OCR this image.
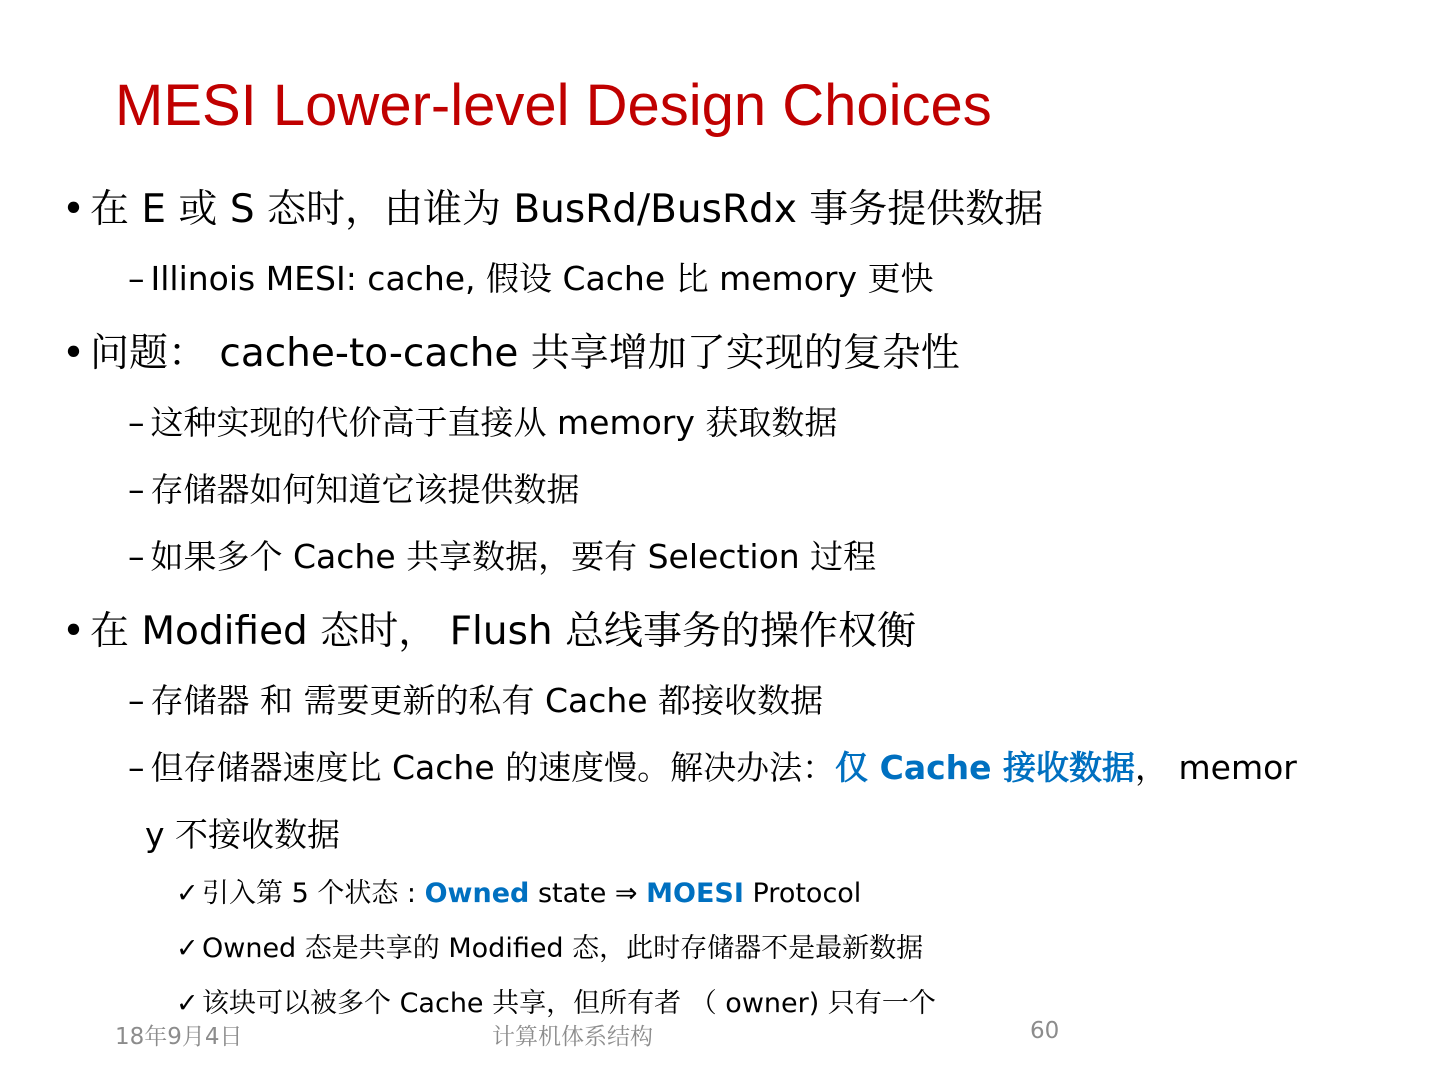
MESI Lower-level Design Choices
• 在 E 或 S 态时，由谁为 BusRd/BusRdx 事务提供数据
– Illinois MESI: cache, 假设 Cache 比 memory 更快
• 问题： cache-to-cache 共享增加了实现的复杂性
– 这种实现的代价高于直接从 memory 获取数据
– 存储器如何知道它该提供数据
– 如果多个 Cache 共享数据，要有 Selection 过程
• 在 Modified 态时， Flush 总线事务的操作权衡
– 存储器 和 需要更新的私有 Cache 都接收数据
– 但存储器速度比 Cache 的速度慢。解决办法：仅 Cache 接收数据， memor
y 不接收数据
✓ 引入第 5 个状态 : Owned state ⇒ MOESI Protocol
✓ Owned 态是共享的 Modified 态，此时存储器不是最新数据
✓ 该块可以被多个 Cache 共享，但所有者 （ owner) 只有一个
18年9月4日	计算机体系结构	60
